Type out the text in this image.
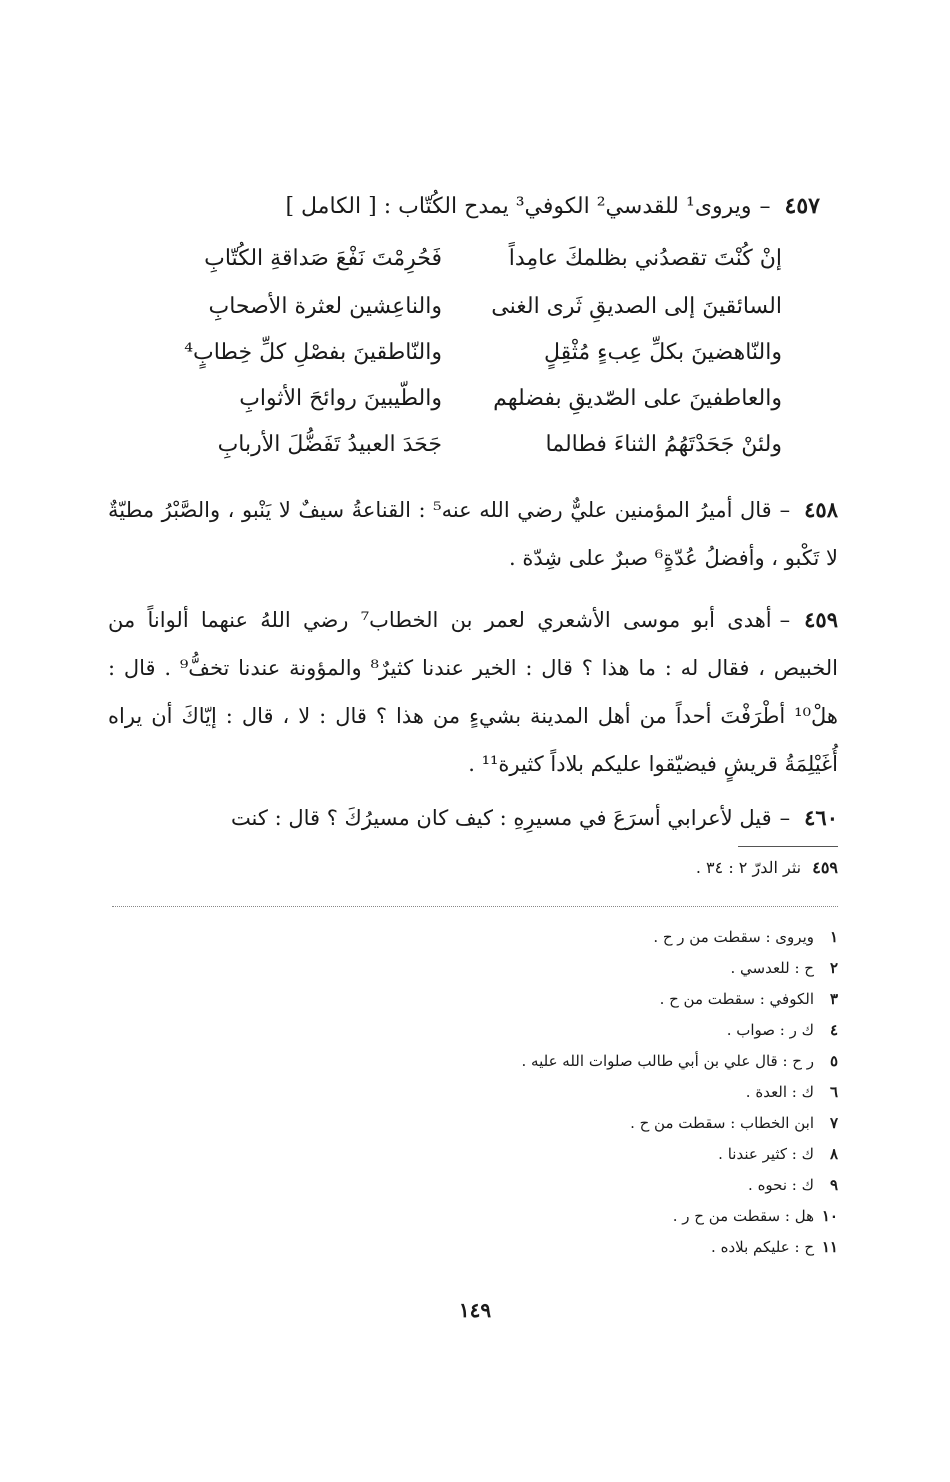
٤٥٧–ويروى¹ للقدسي² الكوفي³ يمدح الكُتّاب : [ الكامل ]
إنْ كُنْتَ تقصدُني بظلمكَ عامِداً
فَحُرِمْتَ نَفْعَ صَداقةِ الكُتّابِ
السائقينَ إلى الصديقِ ثَرى الغنى
والناعِشين لعثرة الأصحابِ
والنّاهضينَ بكلِّ عِبءٍ مُثْقِلٍ
والنّاطقينَ بفصْلِ كلِّ خِطابٍ⁴
والعاطفينَ على الصّديقِ بفضلهم
والطّيبينَ روائحَ الأثوابِ
ولئنْ جَحَدْتَهُمُ الثناءَ فطالما
جَحَدَ العبيدُ تَفَضُّلَ الأربابِ
٤٥٨–قال أميرُ المؤمنين عليٌّ رضي الله عنه⁵ : القناعةُ سيفٌ لا يَنْبو ، والصَّبْرُ مطيّةٌ لا تَكْبو ، وأفضلُ عُدّةٍ⁶ صبرٌ على شِدّة .
٤٥٩–أهدى أبو موسى الأشعري لعمر بن الخطاب⁷ رضي اللهُ عنهما ألواناً من الخبيص ، فقال له : ما هذا ؟ قال : الخير عندنا كثيرٌ⁸ والمؤونة عندنا تخفُّ⁹ . قال : هلْ¹⁰ أطْرَفْتَ أحداً من أهل المدينة بشيءٍ من هذا ؟ قال : لا ، قال : إيّاكَ أن يراه أُغَيْلِمَةُ قريشٍ فيضيّقوا عليكم بلاداً كثيرة¹¹ .
٤٦٠–قيل لأعرابي أسرَعَ في مسيرِهِ : كيف كان مسيرُكَ ؟ قال : كنت
٤٥٩ نثر الدرّ ٢ : ٣٤ .
١ويروى : سقطت من ر ح .
٢ح : للعدسي .
٣الكوفي : سقطت من ح .
٤ك ر : صواب .
٥ر ح : قال علي بن أبي طالب صلوات الله عليه .
٦ك : العدة .
٧ابن الخطاب : سقطت من ح .
٨ك : كثير عندنا .
٩ك : نحوه .
١٠هل : سقطت من ح ر .
١١ح : عليكم بلاده .
١٤٩
